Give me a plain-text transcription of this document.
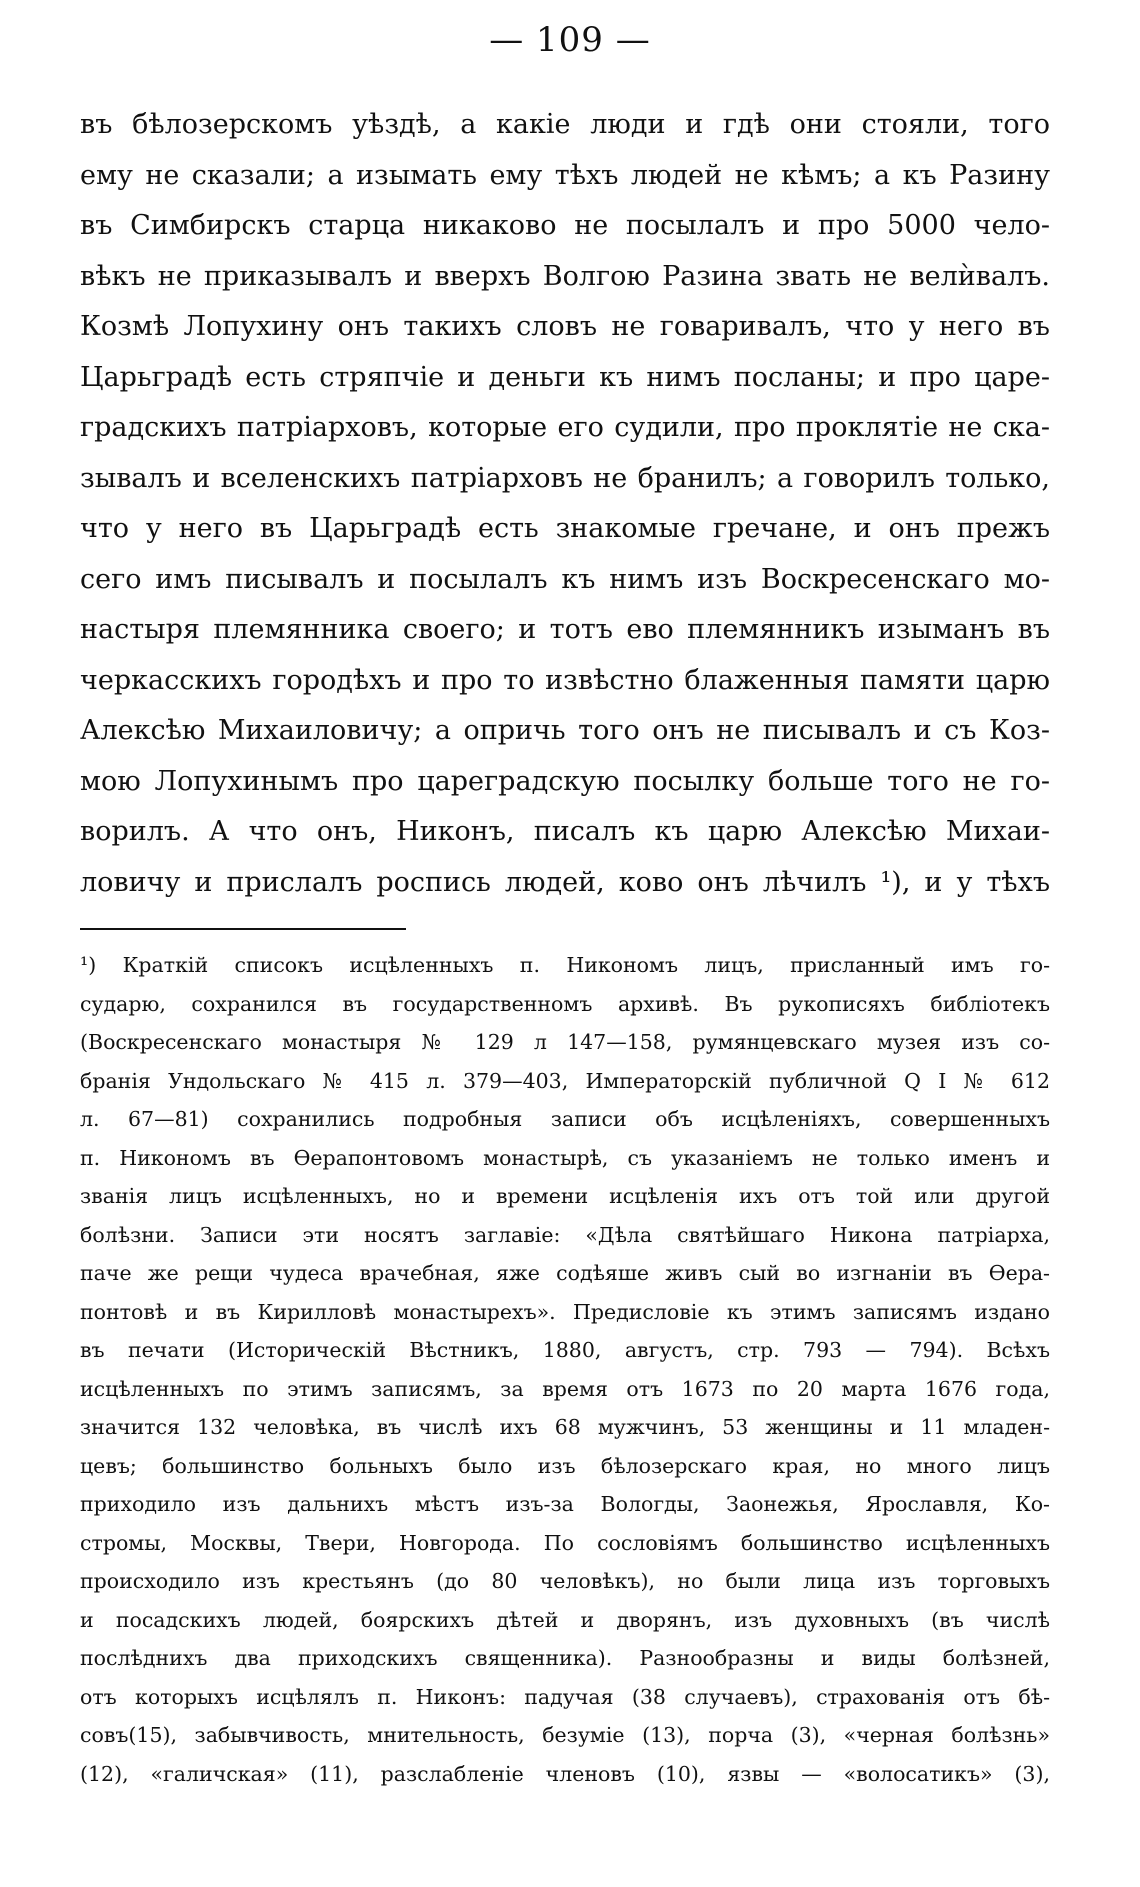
— 109 —
въ бѣлозерскомъ уѣздѣ, а какіе люди и гдѣ они стояли, того
ему не сказали; а изымать ему тѣхъ людей не кѣмъ; а къ Разину
въ Симбирскъ старца никаково не посылалъ и про 5000 чело-
вѣкъ не приказывалъ и вверхъ Волгою Разина звать не велѝвалъ.
Козмѣ Лопухину онъ такихъ словъ не говаривалъ, что у него въ
Царьградѣ есть стряпчіе и деньги къ нимъ посланы; и про царе-
градскихъ патріарховъ, которые его судили, про проклятіе не ска-
зывалъ и вселенскихъ патріарховъ не бранилъ; а говорилъ только,
что у него въ Царьградѣ есть знакомые гречане, и онъ прежъ
сего имъ писывалъ и посылалъ къ нимъ изъ Воскресенскаго мо-
настыря племянника своего; и тотъ ево племянникъ изыманъ въ
черкасскихъ городѣхъ и про то извѣстно блаженныя памяти царю
Алексѣю Михаиловичу; а опричь того онъ не писывалъ и съ Коз-
мою Лопухинымъ про цареградскую посылку больше того не го-
ворилъ. А что онъ, Никонъ, писалъ къ царю Алексѣю Михаи-
ловичу и прислалъ роспись людей, ково онъ лѣчилъ ¹), и у тѣхъ
¹) Краткій списокъ исцѣленныхъ п. Никономъ лицъ, присланный имъ го-
сударю, сохранился въ государственномъ архивѣ. Въ рукописяхъ библіотекъ
(Воскресенскаго монастыря № 129 л 147—158, румянцевскаго музея изъ со-
бранія Ундольскаго № 415 л. 379—403, Императорскій публичной Q I № 612
л. 67—81) сохранились подробныя записи объ исцѣленіяхъ, совершенныхъ
п. Никономъ въ Ѳерапонтовомъ монастырѣ, съ указаніемъ не только именъ и
званія лицъ исцѣленныхъ, но и времени исцѣленія ихъ отъ той или другой
болѣзни. Записи эти носятъ заглавіе: «Дѣла святѣйшаго Никона патріарха,
паче же рещи чудеса врачебная, яже содѣяше живъ сый во изгнаніи въ Ѳера-
понтовѣ и въ Кирилловѣ монастырехъ». Предисловіе къ этимъ записямъ издано
въ печати (Историческій Вѣстникъ, 1880, августъ, стр. 793 — 794). Всѣхъ
исцѣленныхъ по этимъ записямъ, за время отъ 1673 по 20 марта 1676 года,
значится 132 человѣка, въ числѣ ихъ 68 мужчинъ, 53 женщины и 11 младен-
цевъ; большинство больныхъ было изъ бѣлозерскаго края, но много лицъ
приходило изъ дальнихъ мѣстъ изъ-за Вологды, Заонежья, Ярославля, Ко-
стромы, Москвы, Твери, Новгорода. По сословіямъ большинство исцѣленныхъ
происходило изъ крестьянъ (до 80 человѣкъ), но были лица изъ торговыхъ
и посадскихъ людей, боярскихъ дѣтей и дворянъ, изъ духовныхъ (въ числѣ
послѣднихъ два приходскихъ священника). Разнообразны и виды болѣзней,
отъ которыхъ исцѣлялъ п. Никонъ: падучая (38 случаевъ), страхованія отъ бѣ-
совъ(15), забывчивость, мнительность, безуміе (13), порча (3), «черная болѣзнь»
(12), «галичская» (11), разслабленіе членовъ (10), язвы — «волосатикъ» (3),
